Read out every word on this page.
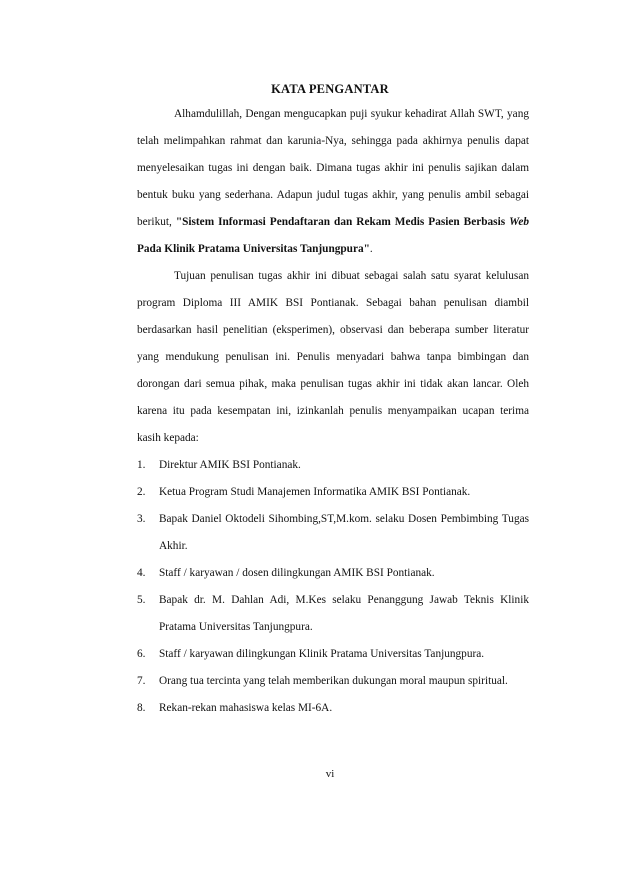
KATA PENGANTAR

Alhamdulillah, Dengan mengucapkan puji syukur kehadirat Allah SWT, yang telah melimpahkan rahmat dan karunia-Nya, sehingga pada akhirnya penulis dapat menyelesaikan tugas ini dengan baik. Dimana tugas akhir ini penulis sajikan dalam bentuk buku yang sederhana. Adapun judul tugas akhir, yang penulis ambil sebagai berikut, "Sistem Informasi Pendaftaran dan Rekam Medis Pasien Berbasis Web Pada Klinik Pratama Universitas Tanjungpura".

Tujuan penulisan tugas akhir ini dibuat sebagai salah satu syarat kelulusan program Diploma III AMIK BSI Pontianak. Sebagai bahan penulisan diambil berdasarkan hasil penelitian (eksperimen), observasi dan beberapa sumber literatur yang mendukung penulisan ini. Penulis menyadari bahwa tanpa bimbingan dan dorongan dari semua pihak, maka penulisan tugas akhir ini tidak akan lancar. Oleh karena itu pada kesempatan ini, izinkanlah penulis menyampaikan ucapan terima kasih kepada:

1. Direktur AMIK BSI Pontianak.
2. Ketua Program Studi Manajemen Informatika AMIK BSI Pontianak.
3. Bapak Daniel Oktodeli Sihombing,ST,M.kom. selaku Dosen Pembimbing Tugas Akhir.
4. Staff / karyawan / dosen dilingkungan AMIK BSI Pontianak.
5. Bapak dr. M. Dahlan Adi, M.Kes selaku Penanggung Jawab Teknis Klinik Pratama Universitas Tanjungpura.
6. Staff / karyawan dilingkungan Klinik Pratama Universitas Tanjungpura.
7. Orang tua tercinta yang telah memberikan dukungan moral maupun spiritual.
8. Rekan-rekan mahasiswa kelas MI-6A.
vi
